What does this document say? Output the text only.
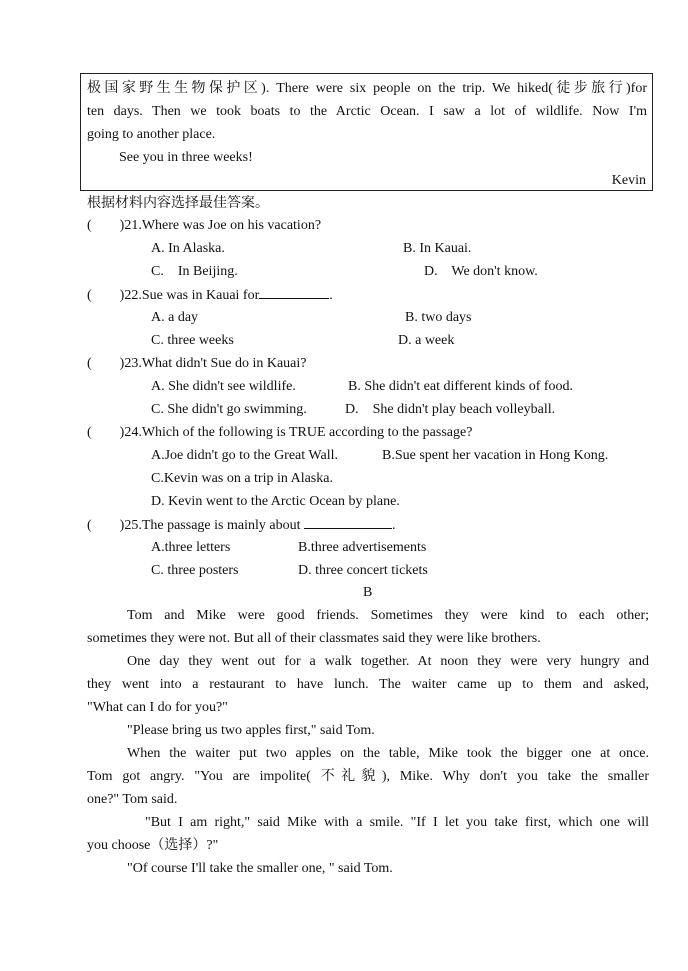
极国家野生生物保护区). There were six people on the trip. We hiked(徒步旅行)for
ten days. Then we took boats to the Arctic Ocean. I saw a lot of wildlife. Now I'm
going to another place.
See you in three weeks!
Kevin
根据材料内容选择最佳答案。
(        )21.Where was Joe on his vacation?
A. In Alaska.	B. In Kauai.
C.    In Beijing.	D.    We don't know.
(        )22.Sue was in Kauai for	.
A. a day	B. two days
C. three weeks	D. a week
(        )23.What didn't Sue do in Kauai?
A. She didn't see wildlife.	B. She didn't eat different kinds of food.
C. She didn't go swimming.	D.    She didn't play beach volleyball.
(        )24.Which of the following is TRUE according to the passage?
A.Joe didn't go to the Great Wall.	B.Sue spent her vacation in Hong Kong.
C.Kevin was on a trip in Alaska.
D. Kevin went to the Arctic Ocean by plane.
(        )25.The passage is mainly about	.
A.three letters	B.three advertisements
C. three posters	D. three concert tickets
B
Tom and Mike were good friends. Sometimes they were kind to each other;
sometimes they were not. But all of their classmates said they were like brothers.
One day they went out for a walk together. At noon they were very hungry and
they went into a restaurant to have lunch. The waiter came up to them and asked,
"What can I do for you?"
"Please bring us two apples first," said Tom.
When the waiter put two apples on the table, Mike took the bigger one at once.
Tom got angry. "You are impolite( 不礼貌), Mike. Why don't you take the smaller
one?" Tom said.
"But I am right," said Mike with a smile. "If I let you take first, which one will
you choose（选择）?"
"Of course I'll take the smaller one, " said Tom.
